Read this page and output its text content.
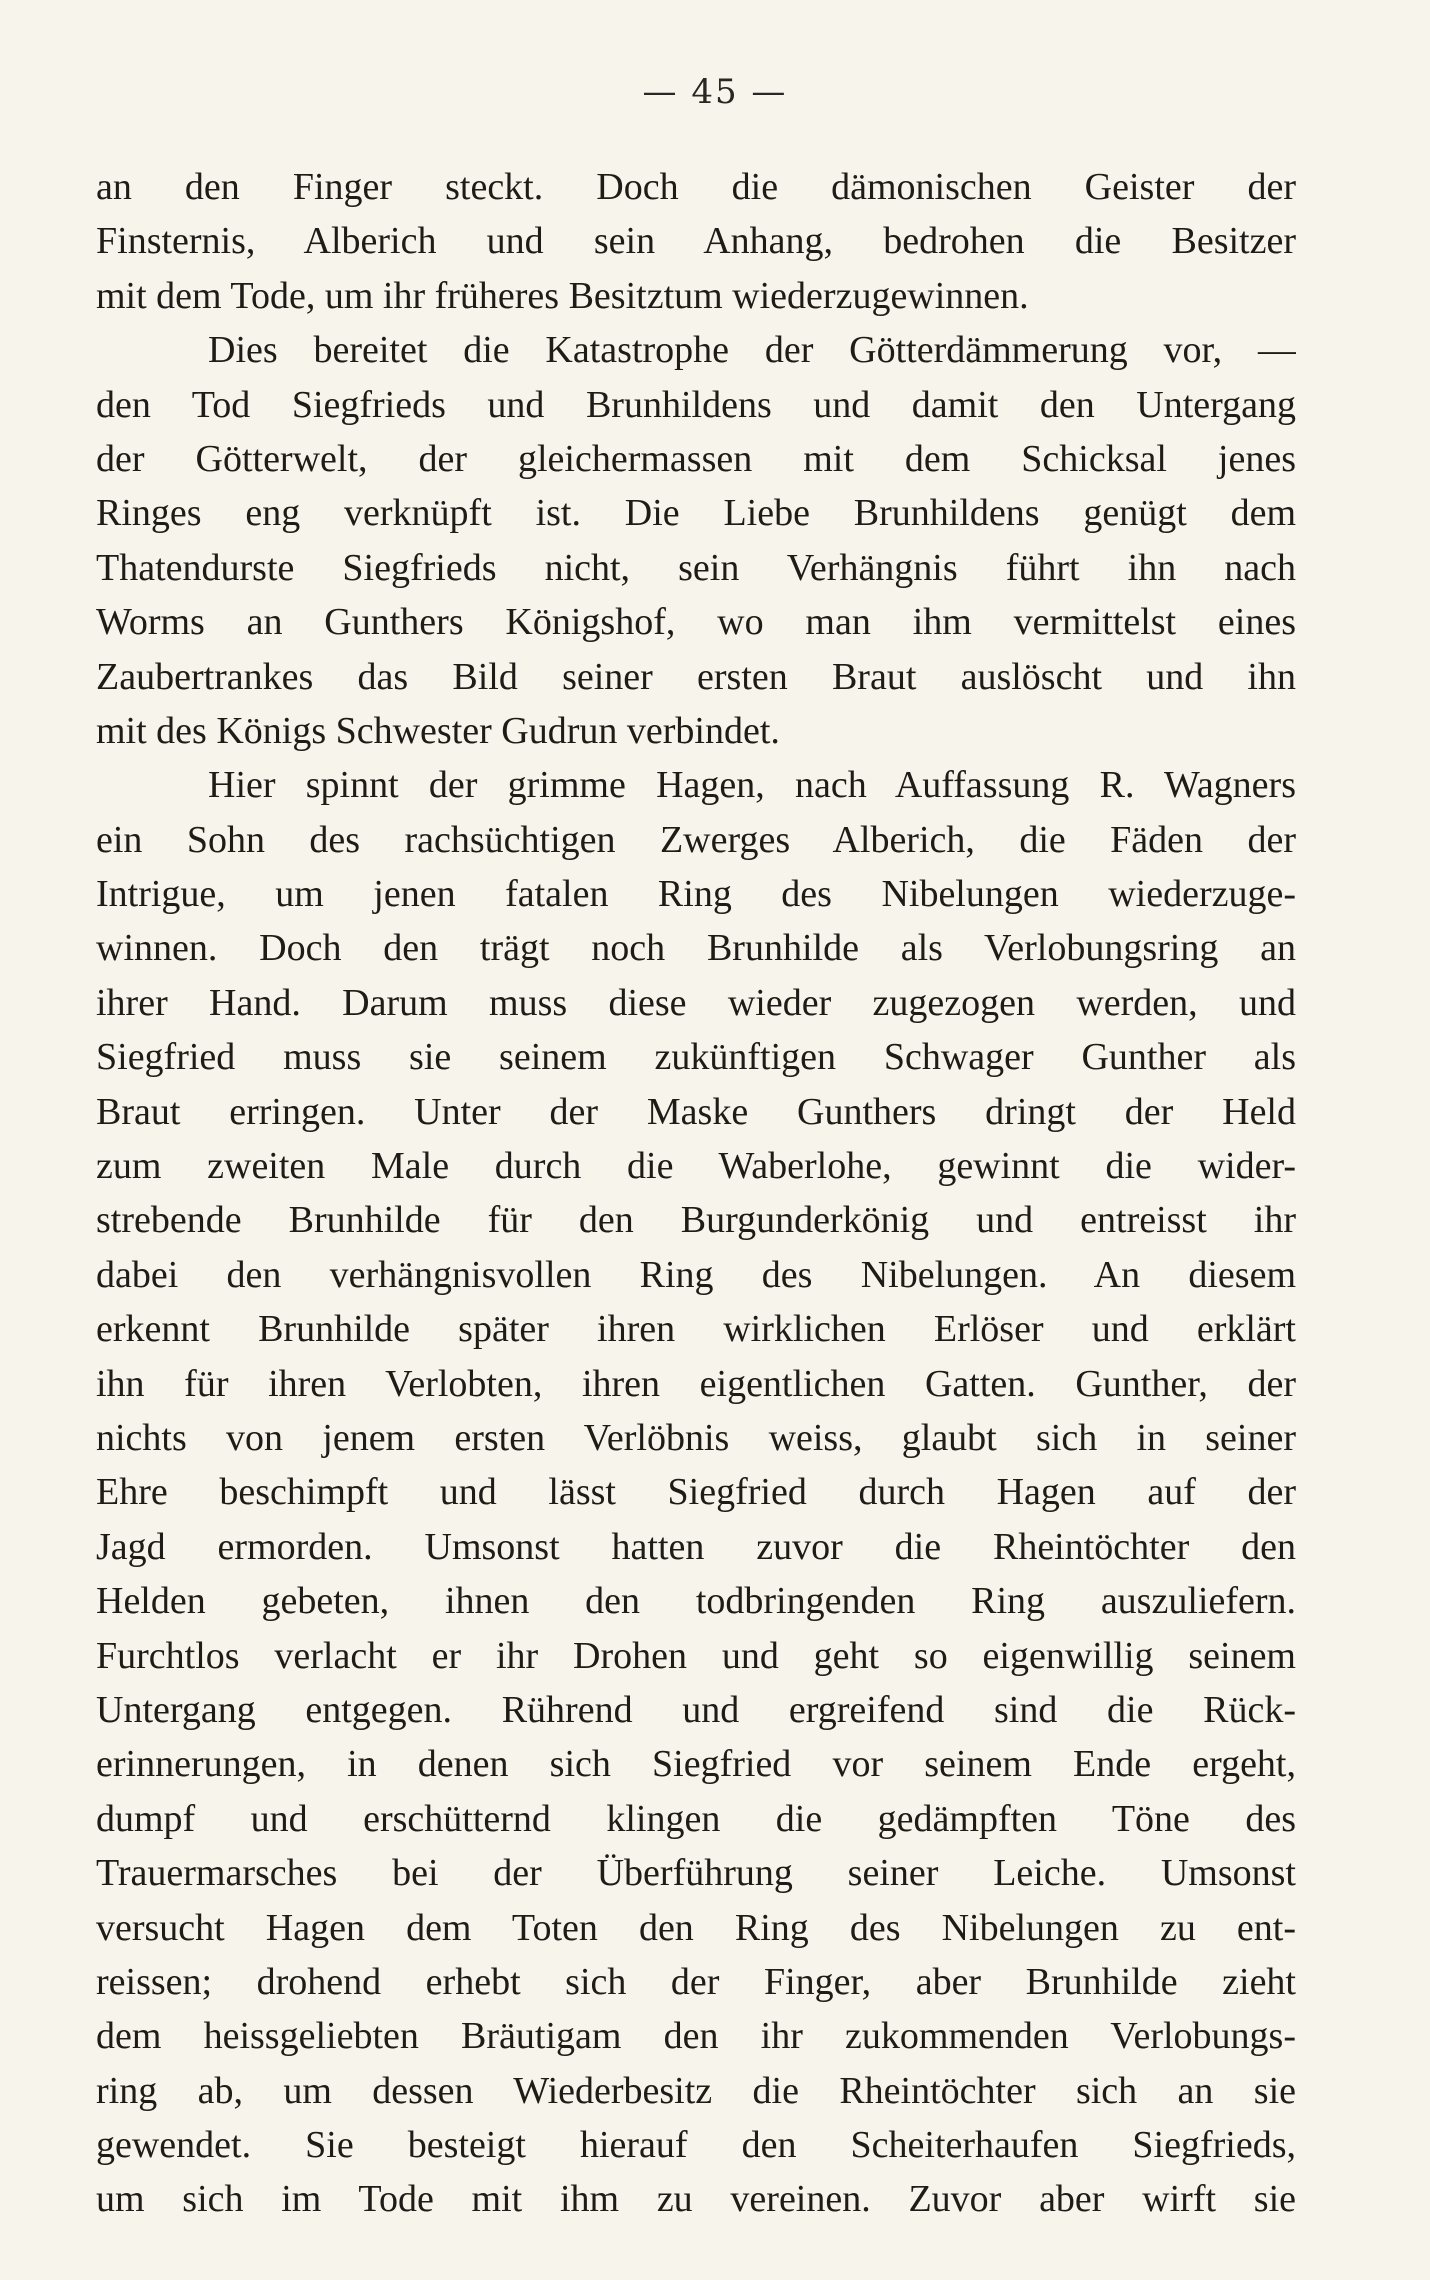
— 45 —
an den Finger steckt. Doch die dämonischen Geister der
Finsternis, Alberich und sein Anhang, bedrohen die Besitzer
mit dem Tode, um ihr früheres Besitztum wiederzugewinnen.
Dies bereitet die Katastrophe der Götterdämmerung vor, —
den Tod Siegfrieds und Brunhildens und damit den Untergang
der Götterwelt, der gleichermassen mit dem Schicksal jenes
Ringes eng verknüpft ist. Die Liebe Brunhildens genügt dem
Thatendurste Siegfrieds nicht, sein Verhängnis führt ihn nach
Worms an Gunthers Königshof, wo man ihm vermittelst eines
Zaubertrankes das Bild seiner ersten Braut auslöscht und ihn
mit des Königs Schwester Gudrun verbindet.
Hier spinnt der grimme Hagen, nach Auffassung R. Wagners
ein Sohn des rachsüchtigen Zwerges Alberich, die Fäden der
Intrigue, um jenen fatalen Ring des Nibelungen wiederzuge-
winnen. Doch den trägt noch Brunhilde als Verlobungsring an
ihrer Hand. Darum muss diese wieder zugezogen werden, und
Siegfried muss sie seinem zukünftigen Schwager Gunther als
Braut erringen. Unter der Maske Gunthers dringt der Held
zum zweiten Male durch die Waberlohe, gewinnt die wider-
strebende Brunhilde für den Burgunderkönig und entreisst ihr
dabei den verhängnisvollen Ring des Nibelungen. An diesem
erkennt Brunhilde später ihren wirklichen Erlöser und erklärt
ihn für ihren Verlobten, ihren eigentlichen Gatten. Gunther, der
nichts von jenem ersten Verlöbnis weiss, glaubt sich in seiner
Ehre beschimpft und lässt Siegfried durch Hagen auf der
Jagd ermorden. Umsonst hatten zuvor die Rheintöchter den
Helden gebeten, ihnen den todbringenden Ring auszuliefern.
Furchtlos verlacht er ihr Drohen und geht so eigenwillig seinem
Untergang entgegen. Rührend und ergreifend sind die Rück-
erinnerungen, in denen sich Siegfried vor seinem Ende ergeht,
dumpf und erschütternd klingen die gedämpften Töne des
Trauermarsches bei der Überführung seiner Leiche. Umsonst
versucht Hagen dem Toten den Ring des Nibelungen zu ent-
reissen; drohend erhebt sich der Finger, aber Brunhilde zieht
dem heissgeliebten Bräutigam den ihr zukommenden Verlobungs-
ring ab, um dessen Wiederbesitz die Rheintöchter sich an sie
gewendet. Sie besteigt hierauf den Scheiterhaufen Siegfrieds,
um sich im Tode mit ihm zu vereinen. Zuvor aber wirft sie
